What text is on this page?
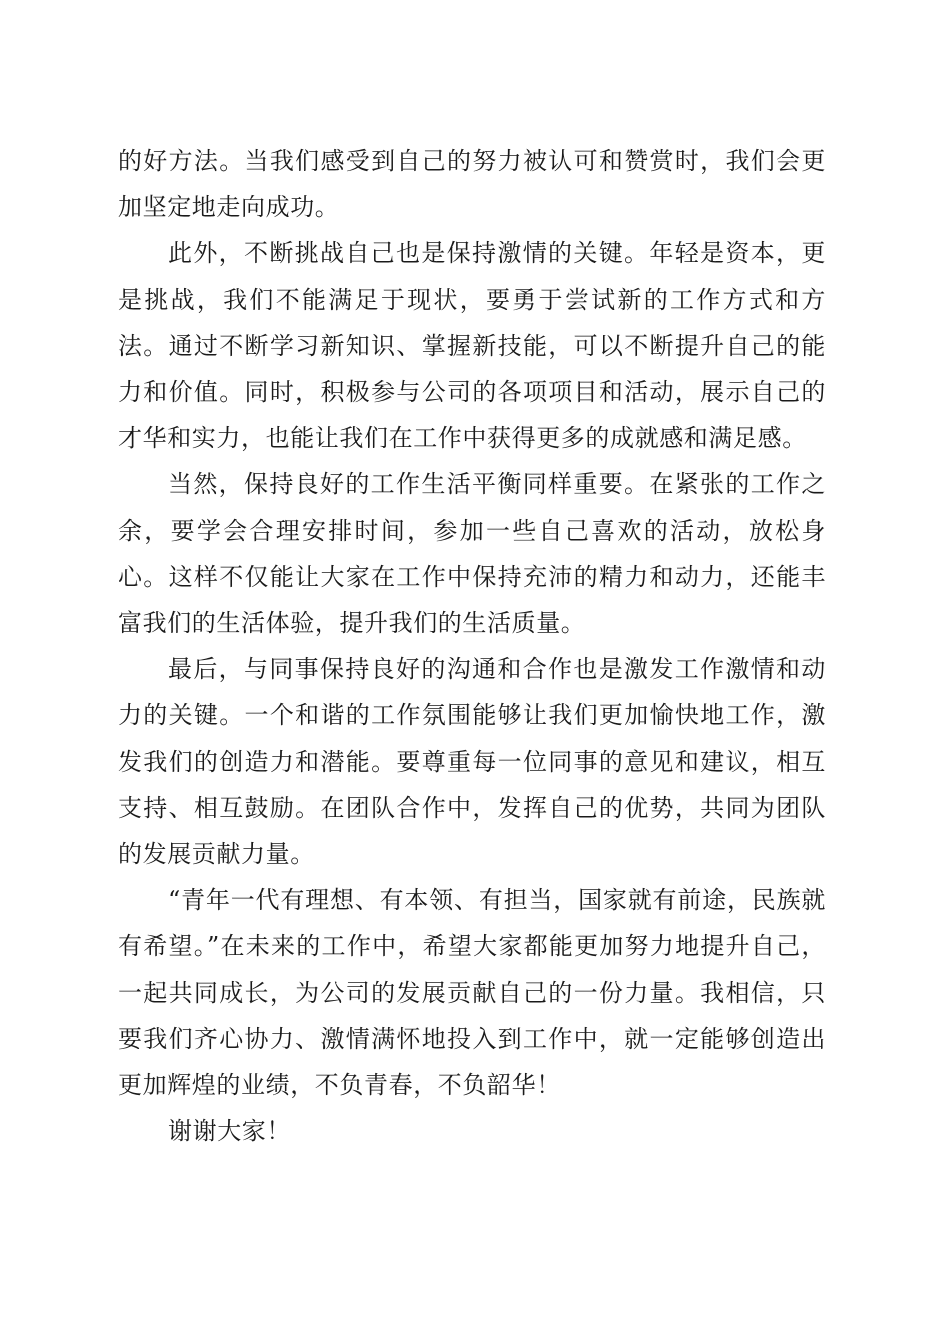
的好方法。当我们感受到自己的努力被认可和赞赏时，我们会更加坚定地走向成功。

此外，不断挑战自己也是保持激情的关键。年轻是资本，更是挑战，我们不能满足于现状，要勇于尝试新的工作方式和方法。通过不断学习新知识、掌握新技能，可以不断提升自己的能力和价值。同时，积极参与公司的各项项目和活动，展示自己的才华和实力，也能让我们在工作中获得更多的成就感和满足感。

当然，保持良好的工作生活平衡同样重要。在紧张的工作之余，要学会合理安排时间，参加一些自己喜欢的活动，放松身心。这样不仅能让大家在工作中保持充沛的精力和动力，还能丰富我们的生活体验，提升我们的生活质量。

最后，与同事保持良好的沟通和合作也是激发工作激情和动力的关键。一个和谐的工作氛围能够让我们更加愉快地工作，激发我们的创造力和潜能。要尊重每一位同事的意见和建议，相互支持、相互鼓励。在团队合作中，发挥自己的优势，共同为团队的发展贡献力量。

“青年一代有理想、有本领、有担当，国家就有前途，民族就有希望。”在未来的工作中，希望大家都能更加努力地提升自己，一起共同成长，为公司的发展贡献自己的一份力量。我相信，只要我们齐心协力、激情满怀地投入到工作中，就一定能够创造出更加辉煌的业绩，不负青春，不负韶华！

谢谢大家！
